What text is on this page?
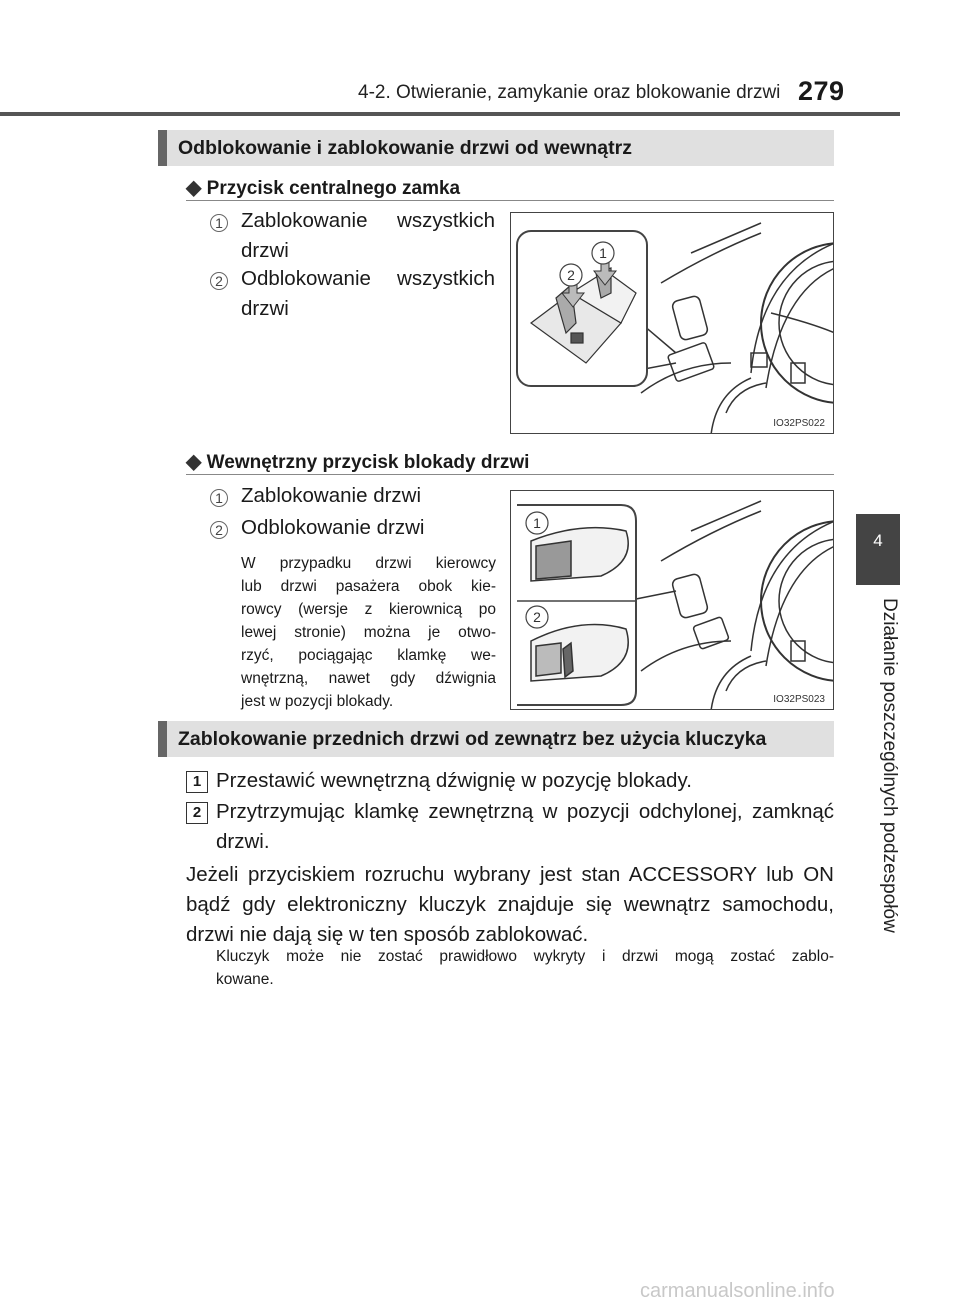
4-2. Otwieranie, zamykanie oraz blokowanie drzwi 279
4
Działanie poszczególnych podzespołów
Odblokowanie i zablokowanie drzwi od wewnątrz
◆ Przycisk centralnego zamka
1 Zablokowanie wszystkich drzwi
2 Odblokowanie wszystkich drzwi
2
1
IO32PS022
◆ Wewnętrzny przycisk blokady drzwi
1 Zablokowanie drzwi
2 Odblokowanie drzwi
W przypadku drzwi kierowcy
lub drzwi pasażera obok kie-
rowcy (wersje z kierownicą po
lewej stronie) można je otwo-
rzyć, pociągając klamkę we-
wnętrzną, nawet gdy dźwignia
jest w pozycji blokady.
1
2
IO32PS023
Zablokowanie przednich drzwi od zewnątrz bez użycia kluczyka
1 Przestawić wewnętrzną dźwignię w pozycję blokady.
2 Przytrzymując klamkę zewnętrzną w pozycji odchylonej, zamknąć
drzwi.
Jeżeli przyciskiem rozruchu wybrany jest stan ACCESSORY lub ON
bądź gdy elektroniczny kluczyk znajduje się wewnątrz samochodu,
drzwi nie dają się w ten sposób zablokować.
Kluczyk może nie zostać prawidłowo wykryty i drzwi mogą zostać zablo-
kowane.
carmanualsonline.info
